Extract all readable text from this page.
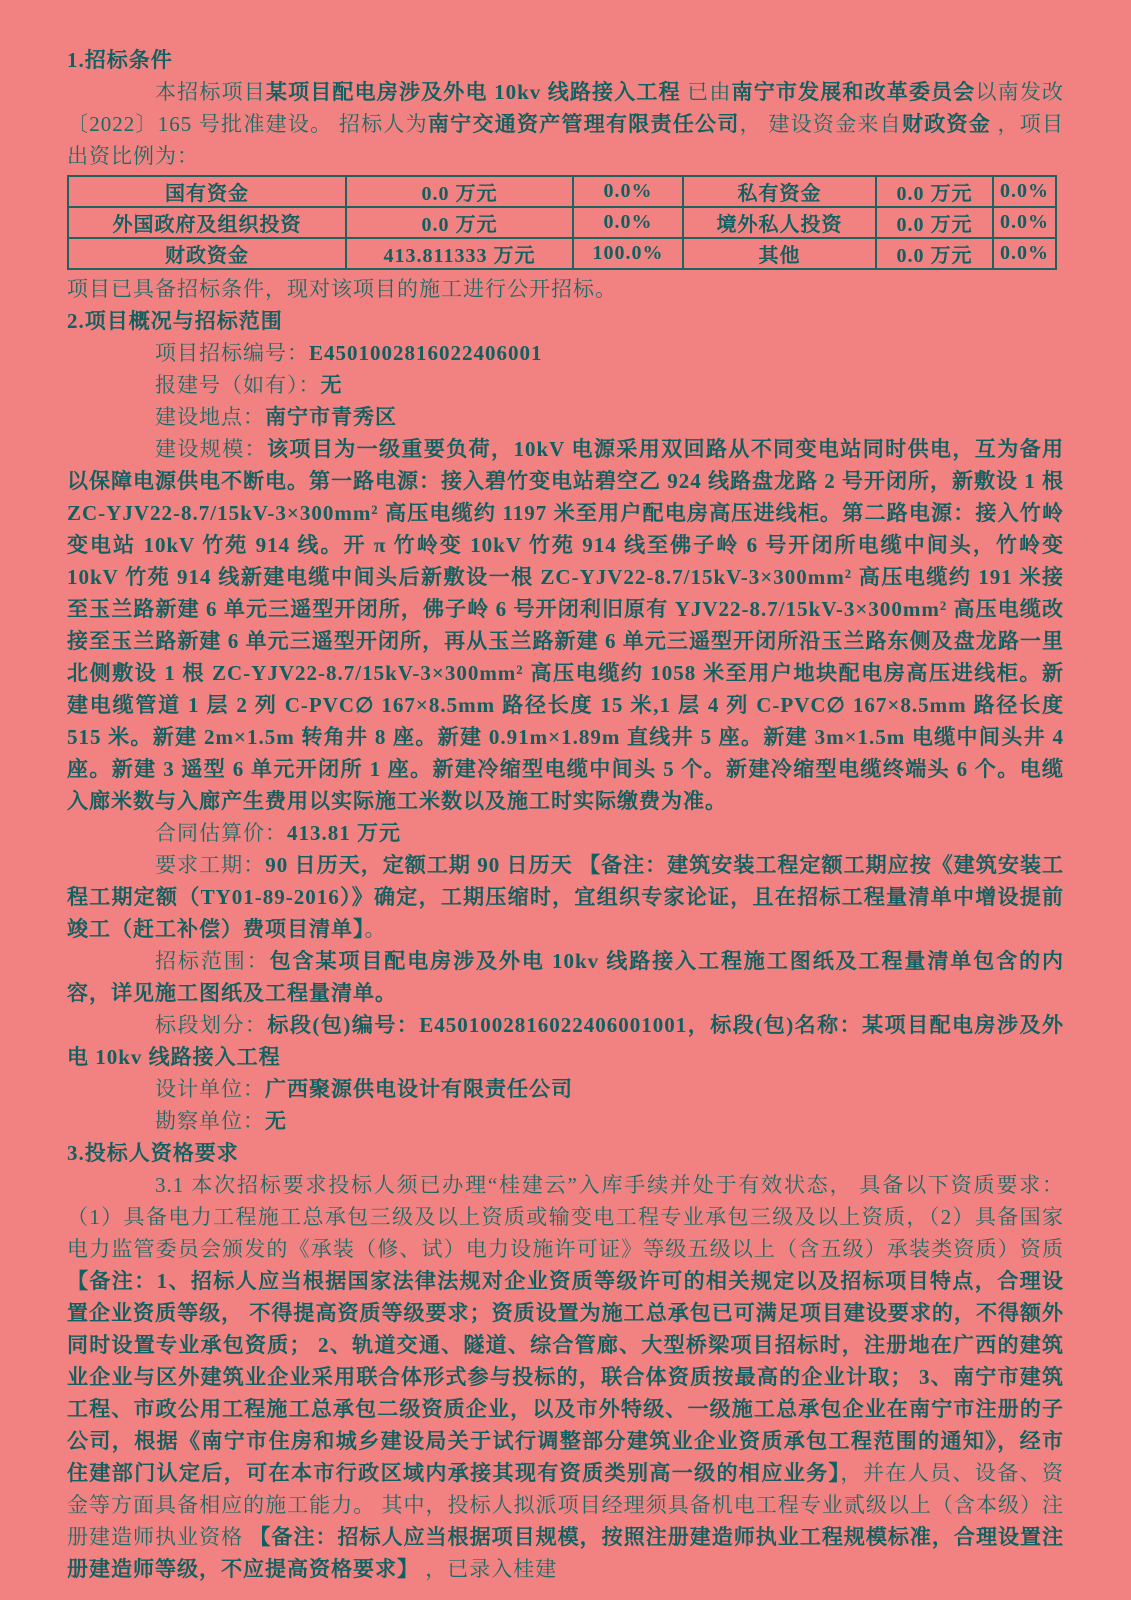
1.招标条件

本招标项目某项目配电房涉及外电 10kv 线路接入工程 已由南宁市发展和改革委员会以南发改〔2022〕165 号批准建设。 招标人为南宁交通资产管理有限责任公司， 建设资金来自财政资金 ，项目出资比例为：

国有资金	0.0 万元	0.0%	私有资金	0.0 万元	0.0%
外国政府及组织投资	0.0 万元	0.0%	境外私人投资	0.0 万元	0.0%
财政资金	413.811333 万元	100.0%	其他	0.0 万元	0.0%

项目已具备招标条件，现对该项目的施工进行公开招标。

2.项目概况与招标范围

项目招标编号：E4501002816022406001

报建号（如有）：无

建设地点：南宁市青秀区

建设规模：该项目为一级重要负荷，10kV 电源采用双回路从不同变电站同时供电，互为备用以保障电源供电不断电。第一路电源：接入碧竹变电站碧空乙 924 线路盘龙路 2 号开闭所，新敷设 1 根 ZC-YJV22-8.7/15kV-3×300mm² 高压电缆约 1197 米至用户配电房高压进线柜。第二路电源：接入竹岭变电站 10kV 竹苑 914 线。开 π 竹岭变 10kV 竹苑 914 线至佛子岭 6 号开闭所电缆中间头，竹岭变 10kV 竹苑 914 线新建电缆中间头后新敷设一根 ZC-YJV22-8.7/15kV-3×300mm² 高压电缆约 191 米接至玉兰路新建 6 单元三遥型开闭所，佛子岭 6 号开闭利旧原有 YJV22-8.7/15kV-3×300mm² 高压电缆改接至玉兰路新建 6 单元三遥型开闭所，再从玉兰路新建 6 单元三遥型开闭所沿玉兰路东侧及盘龙路一里北侧敷设 1 根 ZC-YJV22-8.7/15kV-3×300mm² 高压电缆约 1058 米至用户地块配电房高压进线柜。新建电缆管道 1 层 2 列 C-PVC∅ 167×8.5mm 路径长度 15 米,1 层 4 列 C-PVC∅ 167×8.5mm 路径长度 515 米。新建 2m×1.5m 转角井 8 座。新建 0.91m×1.89m 直线井 5 座。新建 3m×1.5m 电缆中间头井 4 座。新建 3 遥型 6 单元开闭所 1 座。新建冷缩型电缆中间头 5 个。新建冷缩型电缆终端头 6 个。电缆入廊米数与入廊产生费用以实际施工米数以及施工时实际缴费为准。

合同估算价：413.81 万元

要求工期：90 日历天，定额工期 90 日历天 【备注：建筑安装工程定额工期应按《建筑安装工程工期定额（TY01-89-2016）》确定，工期压缩时，宜组织专家论证，且在招标工程量清单中增设提前竣工（赶工补偿）费项目清单】。

招标范围：包含某项目配电房涉及外电 10kv 线路接入工程施工图纸及工程量清单包含的内容，详见施工图纸及工程量清单。

标段划分：标段(包)编号：E4501002816022406001001，标段(包)名称：某项目配电房涉及外电 10kv 线路接入工程

设计单位：广西聚源供电设计有限责任公司

勘察单位：无

3.投标人资格要求

3.1 本次招标要求投标人须已办理“桂建云”入库手续并处于有效状态， 具备以下资质要求：（1）具备电力工程施工总承包三级及以上资质或输变电工程专业承包三级及以上资质，（2）具备国家电力监管委员会颁发的《承装（修、试）电力设施许可证》等级五级以上（含五级）承装类资质）资质 【备注：1、招标人应当根据国家法律法规对企业资质等级许可的相关规定以及招标项目特点，合理设置企业资质等级， 不得提高资质等级要求；资质设置为施工总承包已可满足项目建设要求的，不得额外同时设置专业承包资质； 2、轨道交通、隧道、综合管廊、大型桥梁项目招标时，注册地在广西的建筑业企业与区外建筑业企业采用联合体形式参与投标的，联合体资质按最高的企业计取； 3、南宁市建筑工程、市政公用工程施工总承包二级资质企业，以及市外特级、一级施工总承包企业在南宁市注册的子公司，根据《南宁市住房和城乡建设局关于试行调整部分建筑业企业资质承包工程范围的通知》，经市住建部门认定后，可在本市行政区域内承接其现有资质类别高一级的相应业务】，并在人员、设备、资金等方面具备相应的施工能力。 其中，投标人拟派项目经理须具备机电工程专业贰级以上（含本级）注册建造师执业资格 【备注：招标人应当根据项目规模，按照注册建造师执业工程规模标准，合理设置注册建造师等级，不应提高资格要求】 ，已录入桂建
